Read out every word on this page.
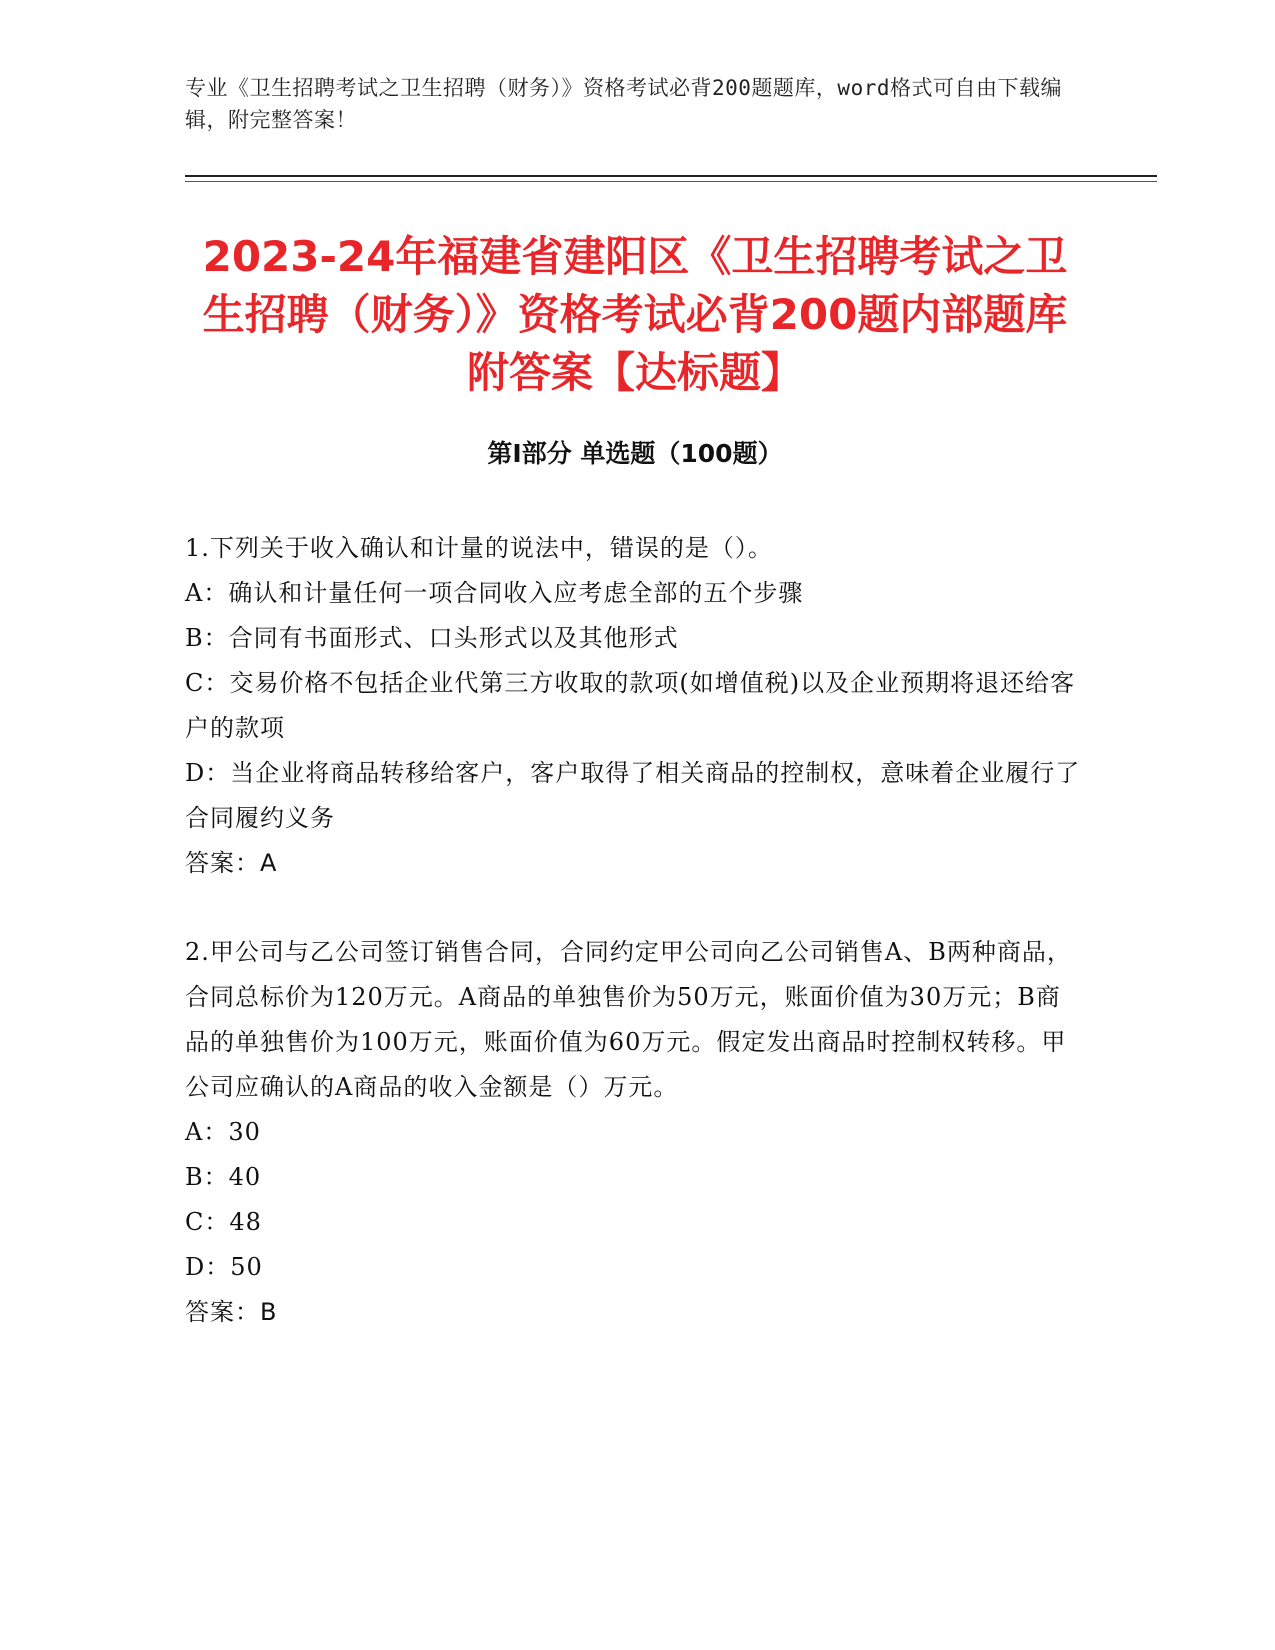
专业《卫生招聘考试之卫生招聘（财务）》资格考试必背200题题库，word格式可自由下载编辑，附完整答案！
2023-24年福建省建阳区《卫生招聘考试之卫生招聘（财务）》资格考试必背200题内部题库附答案【达标题】
第Ⅰ部分 单选题（100题）

1.下列关于收入确认和计量的说法中，错误的是（）。

A：确认和计量任何一项合同收入应考虑全部的五个步骤

B：合同有书面形式、口头形式以及其他形式

C：交易价格不包括企业代第三方收取的款项(如增值税)以及企业预期将退还给客户的款项

D：当企业将商品转移给客户，客户取得了相关商品的控制权，意味着企业履行了合同履约义务

答案：A

2.甲公司与乙公司签订销售合同，合同约定甲公司向乙公司销售A、B两种商品，合同总标价为120万元。A商品的单独售价为50万元，账面价值为30万元；B商品的单独售价为100万元，账面价值为60万元。假定发出商品时控制权转移。甲公司应确认的A商品的收入金额是（）万元。

A：30

B：40

C：48

D：50

答案：B
